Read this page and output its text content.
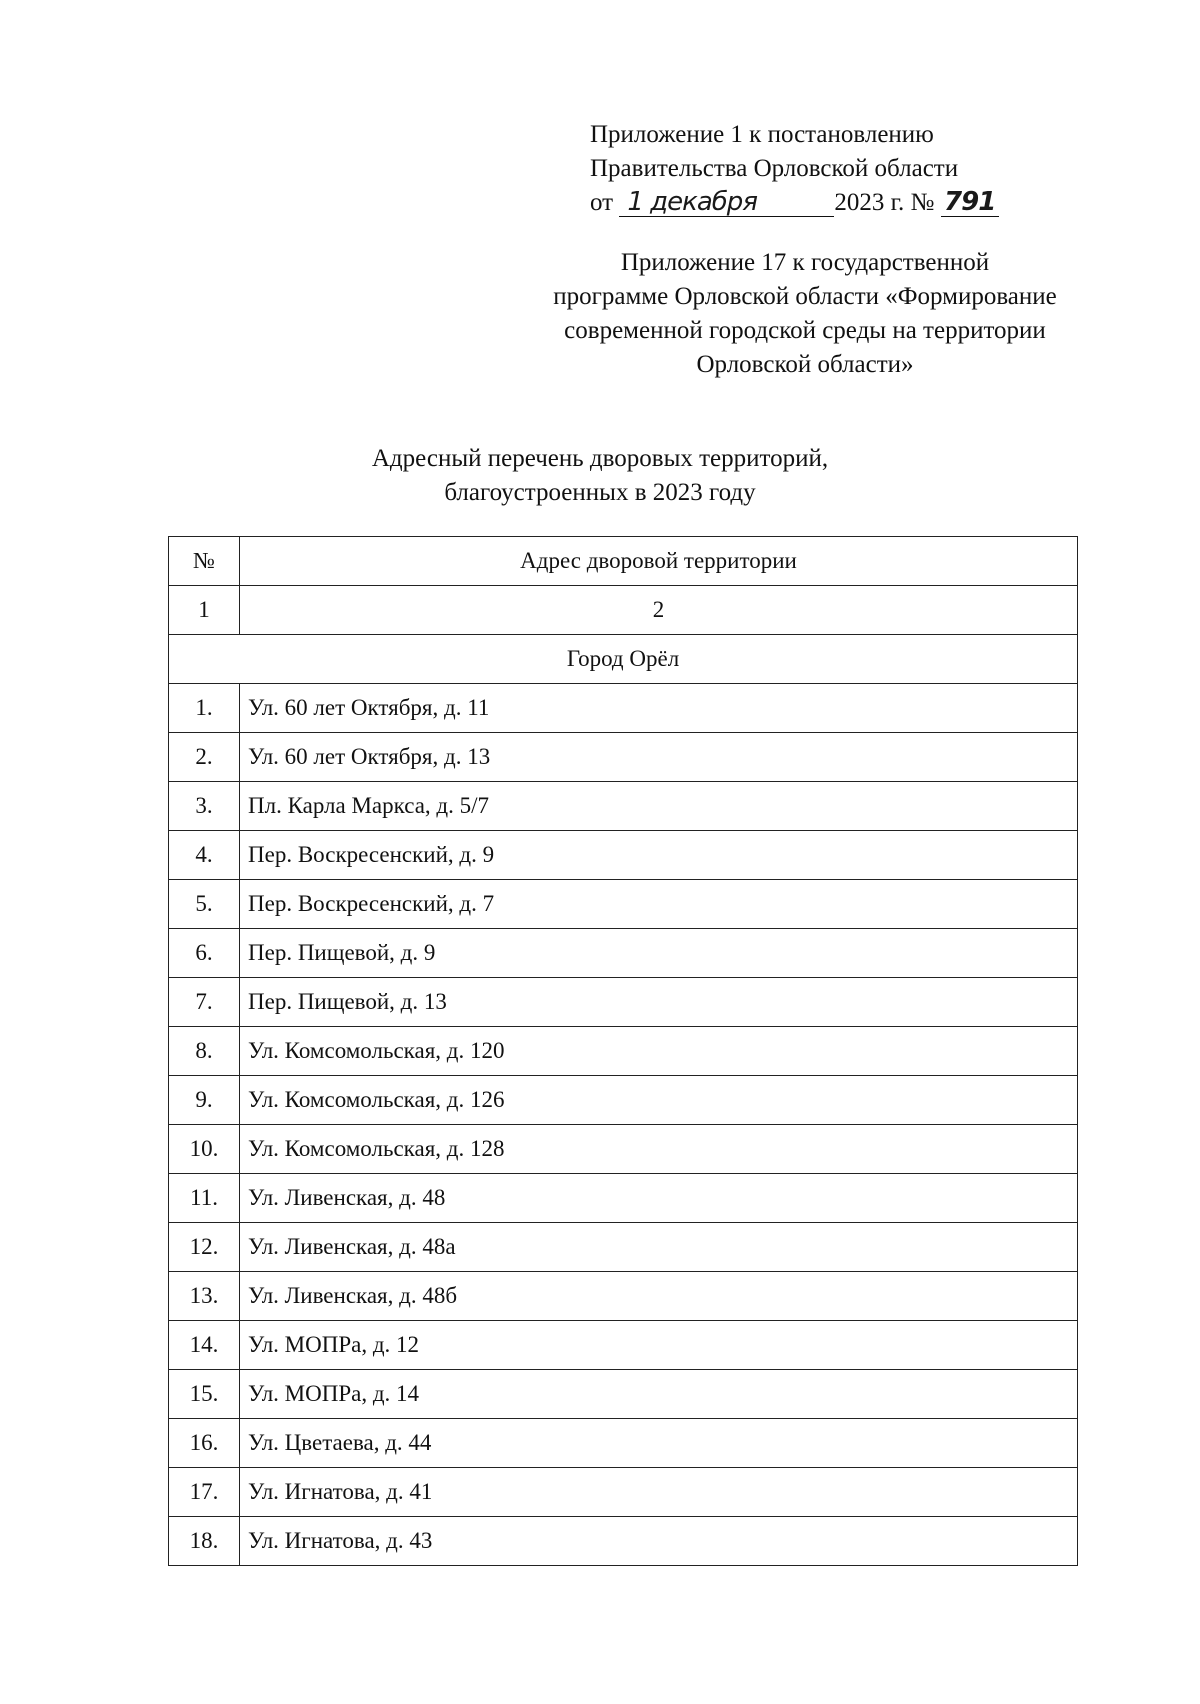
Приложение 1 к постановлению
Правительства Орловской области
от 1 декабря	2023 г. № 791
Приложение 17 к государственной
программе Орловской области «Формирование
современной городской среды на территории
Орловской области»
Адресный перечень дворовых территорий,
благоустроенных в 2023 году
№	Адрес дворовой территории
1	2
Город Орёл	
1.	Ул. 60 лет Октября, д. 11
2.	Ул. 60 лет Октября, д. 13
3.	Пл. Карла Маркса, д. 5/7
4.	Пер. Воскресенский, д. 9
5.	Пер. Воскресенский, д. 7
6.	Пер. Пищевой, д. 9
7.	Пер. Пищевой, д. 13
8.	Ул. Комсомольская, д. 120
9.	Ул. Комсомольская, д. 126
10.	Ул. Комсомольская, д. 128
11.	Ул. Ливенская, д. 48
12.	Ул. Ливенская, д. 48а
13.	Ул. Ливенская, д. 48б
14.	Ул. МОПРа, д. 12
15.	Ул. МОПРа, д. 14
16.	Ул. Цветаева, д. 44
17.	Ул. Игнатова, д. 41
18.	Ул. Игнатова, д. 43
